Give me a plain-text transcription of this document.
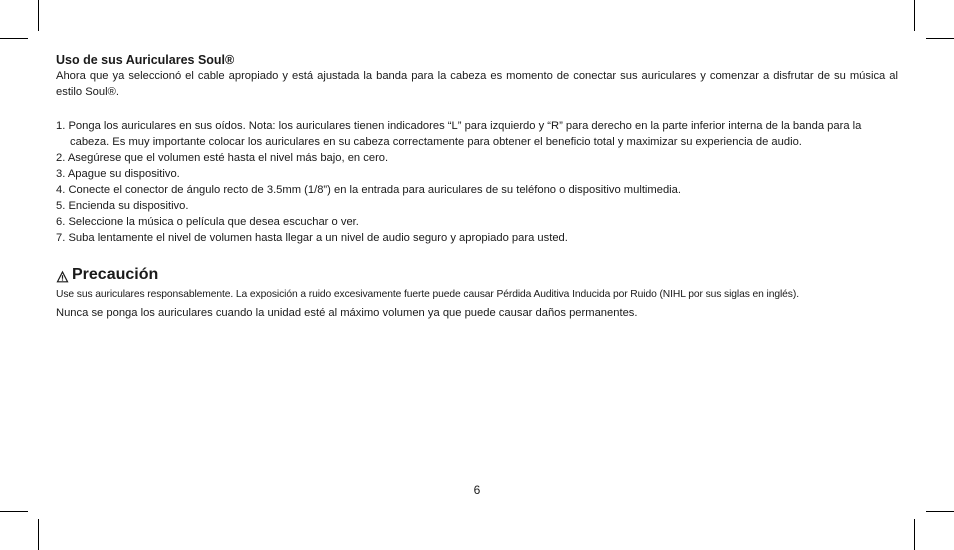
Uso de sus Auriculares Soul®

Ahora que ya seleccionó el cable apropiado y está ajustada la banda para la cabeza es momento de conectar sus auriculares y comenzar a disfrutar de su música al estilo Soul®.

1. Ponga los auriculares en sus oídos. Nota: los auriculares tienen indicadores “L” para izquierdo y “R” para derecho en la parte inferior interna de la banda para la cabeza. Es muy importante colocar los auriculares en su cabeza correctamente para obtener el beneficio total y maximizar su experiencia de audio.
2. Asegúrese que el volumen esté hasta el nivel más bajo, en cero.
3. Apague su dispositivo.
4. Conecte el conector de ángulo recto de 3.5mm (1/8”) en la entrada para auriculares de su teléfono o dispositivo multimedia.
5. Encienda su dispositivo.
6. Seleccione la música o película que desea escuchar o ver.
7. Suba lentamente el nivel de volumen hasta llegar a un nivel de audio seguro y apropiado para usted.
Precaución

Use sus auriculares responsablemente. La exposición a ruido excesivamente fuerte puede causar Pérdida Auditiva Inducida por Ruido (NIHL por sus siglas en inglés).

Nunca se ponga los auriculares cuando la unidad esté al máximo volumen ya que puede causar daños permanentes.

6
